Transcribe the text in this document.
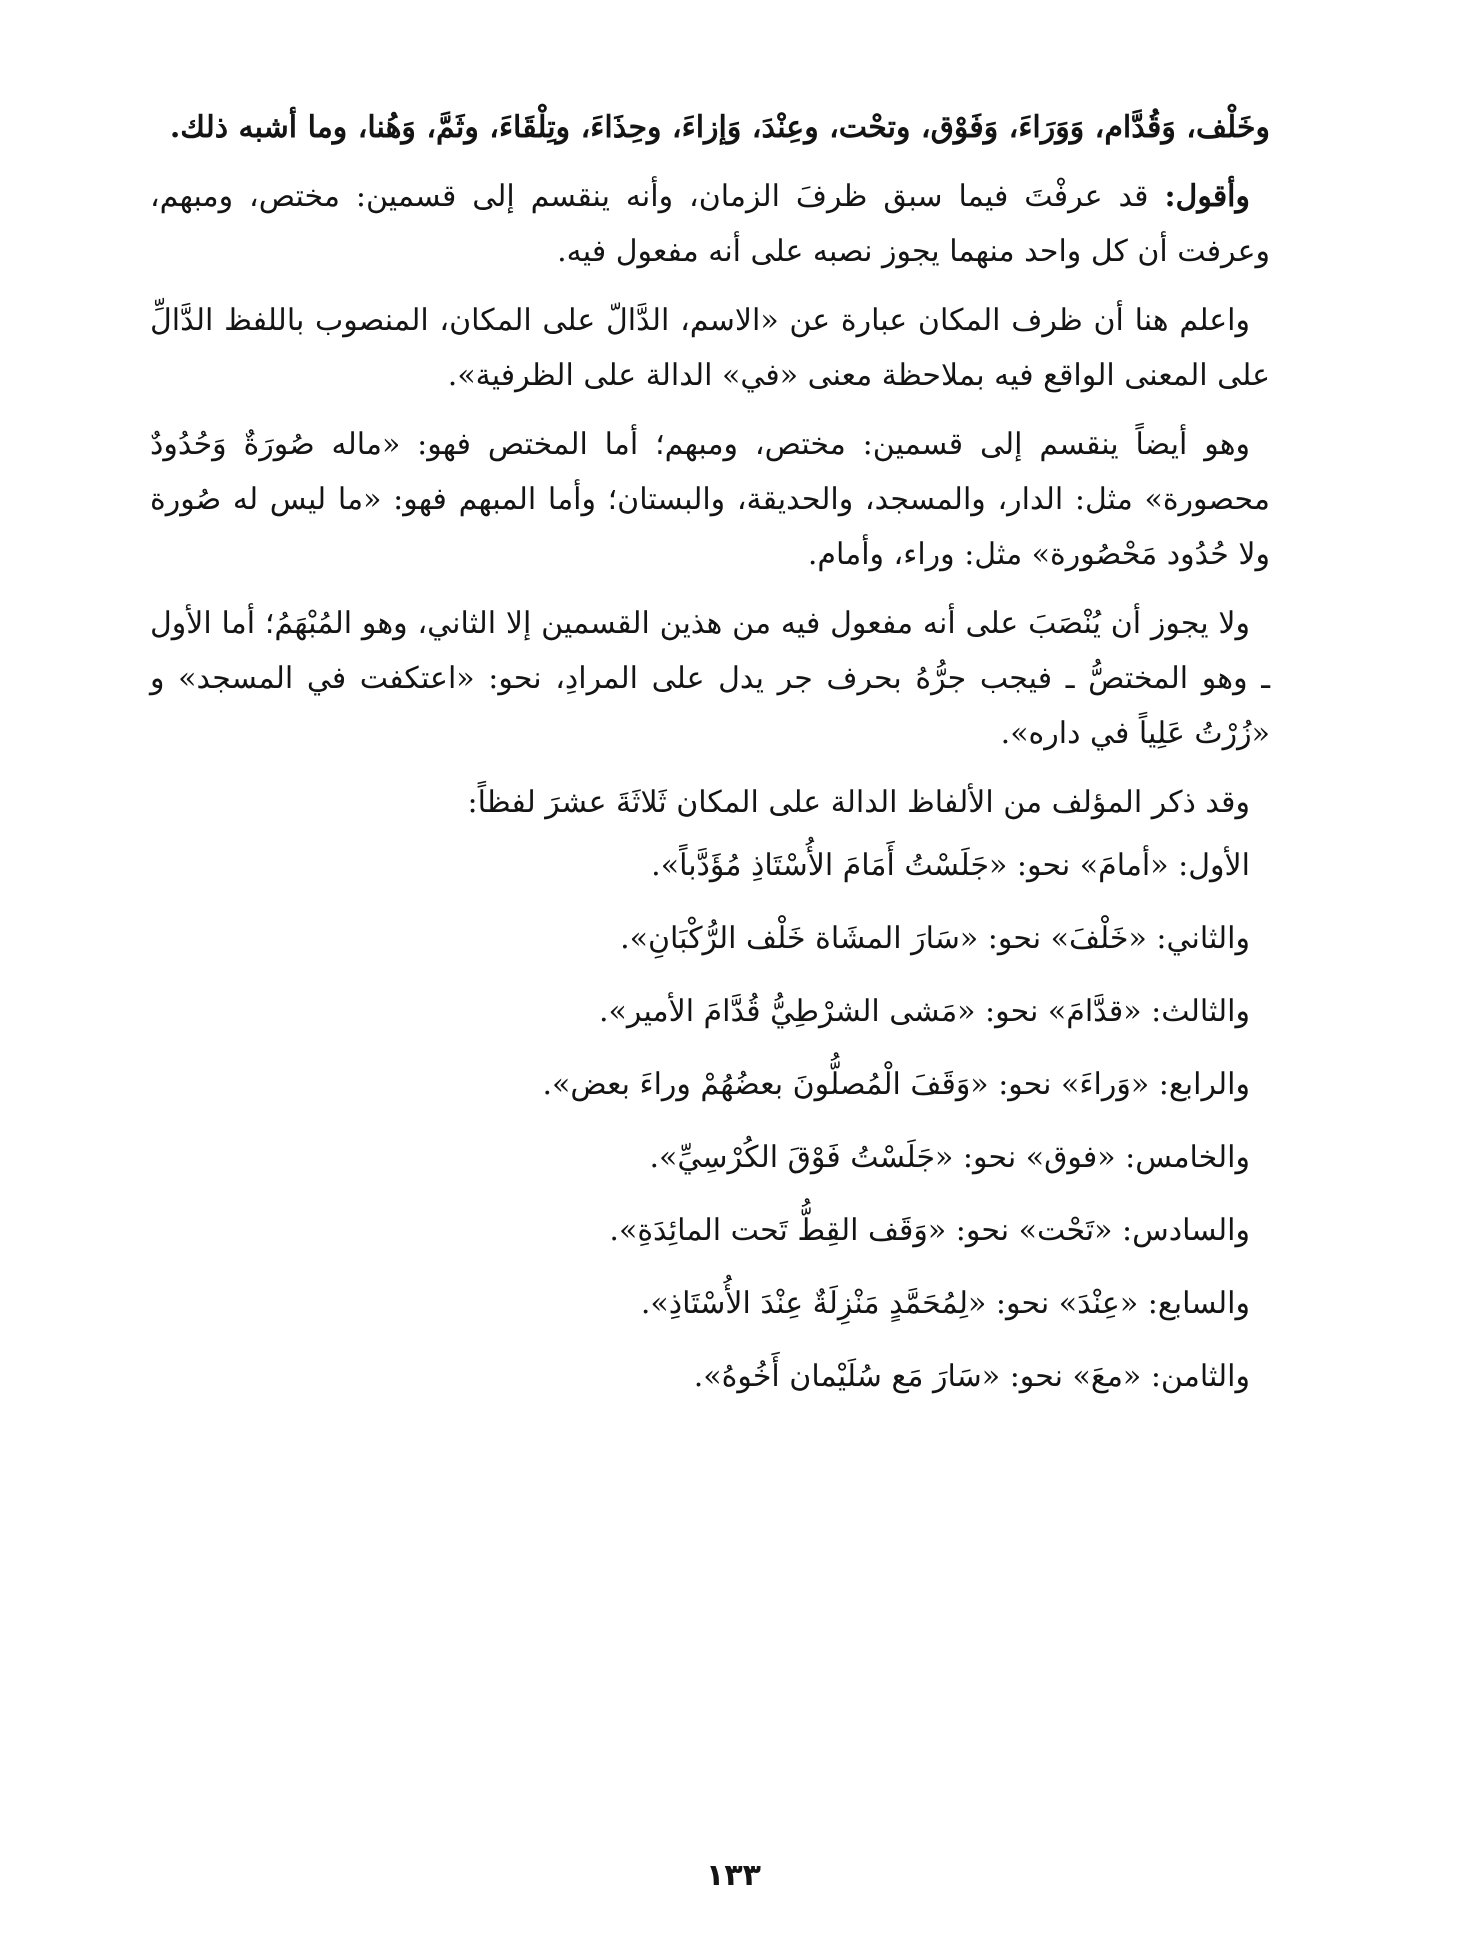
وخَلْف، وَقُدَّام، وَوَرَاءَ، وَفَوْق، وتحْت، وعِنْدَ، وَإزاءَ، وحِذَاءَ، وتِلْقَاءَ، وثَمَّ، وَهُنا، وما أشبه ذلك.

وأقول: قد عرفْتَ فيما سبق ظرفَ الزمان، وأنه ينقسم إلى قسمين: مختص، ومبهم، وعرفت أن كل واحد منهما يجوز نصبه على أنه مفعول فيه.

واعلم هنا أن ظرف المكان عبارة عن «الاسم، الدَّالّ على المكان، المنصوب باللفظ الدَّالِّ على المعنى الواقع فيه بملاحظة معنى «في» الدالة على الظرفية».

وهو أيضاً ينقسم إلى قسمين: مختص، ومبهم؛ أما المختص فهو: «ماله صُورَةٌ وَحُدُودٌ محصورة» مثل: الدار، والمسجد، والحديقة، والبستان؛ وأما المبهم فهو: «ما ليس له صُورة ولا حُدُود مَحْصُورة» مثل: وراء، وأمام.

ولا يجوز أن يُنْصَبَ على أنه مفعول فيه من هذين القسمين إلا الثاني، وهو المُبْهَمُ؛ أما الأول ـ وهو المختصُّ ـ فيجب جرُّهُ بحرف جر يدل على المرادِ، نحو: «اعتكفت في المسجد» و «زُرْتُ عَلِياً في داره».

وقد ذكر المؤلف من الألفاظ الدالة على المكان ثَلاثَةَ عشرَ لفظاً:

الأول: «أمامَ» نحو: «جَلَسْتُ أَمَامَ الأُسْتَاذِ مُؤَدَّباً».

والثاني: «خَلْفَ» نحو: «سَارَ المشَاة خَلْف الرُّكْبَانِ».

والثالث: «قدَّامَ» نحو: «مَشى الشرْطِيُّ قُدَّامَ الأمير».

والرابع: «وَراءَ» نحو: «وَقَفَ الْمُصلُّونَ بعضُهُمْ وراءَ بعض».

والخامس: «فوق» نحو: «جَلَسْتُ فَوْقَ الكُرْسِيِّ».

والسادس: «تَحْت» نحو: «وَقَف القِطُّ تَحت المائِدَةِ».

والسابع: «عِنْدَ» نحو: «لِمُحَمَّدٍ مَنْزِلَةٌ عِنْدَ الأُسْتَاذِ».

والثامن: «معَ» نحو: «سَارَ مَع سُلَيْمان أَخُوهُ».

١٣٣
